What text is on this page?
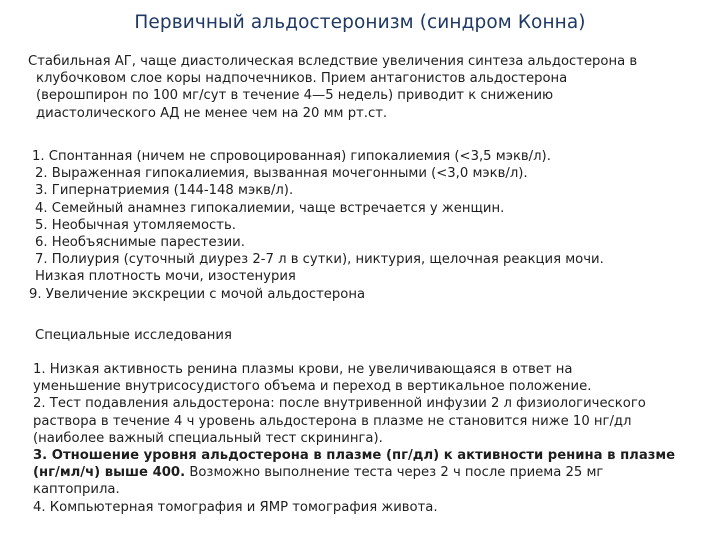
Первичный альдостеронизм (синдром Конна)
Стабильная АГ, чаще диастолическая вследствие увеличения синтеза альдостерона в
клубочковом слое коры надпочечников. Прием антагонистов альдостерона
(верошпирон по 100 мг/сут в течение 4—5 недель) приводит к снижению
диастолического АД не менее чем на 20 мм рт.ст.
1. Спонтанная (ничем не спровоцированная) гипокалиемия (<3,5 мэкв/л).
2. Выраженная гипокалиемия, вызванная мочегонными (<3,0 мэкв/л).
3. Гипернатриемия (144-148 мэкв/л).
4. Семейный анамнез гипокалиемии, чаще встречается у женщин.
5. Необычная утомляемость.
6. Необъяснимые парестезии.
7. Полиурия (суточный диурез 2-7 л в сутки), никтурия, щелочная реакция мочи.
Низкая плотность мочи, изостенурия
9. Увеличение экскреции с мочой альдостерона
Специальные исследования
1. Низкая активность ренина плазмы крови, не увеличивающаяся в ответ на
уменьшение внутрисосудистого объема и переход в вертикальное положение.
2. Тест подавления альдостерона: после внутривенной инфузии 2 л физиологического
раствора в течение 4 ч уровень альдостерона в плазме не становится ниже 10 нг/дл
(наиболее важный специальный тест скрининга).
3. Отношение уровня альдостерона в плазме (пг/дл) к активности ренина в плазме
(нг/мл/ч) выше 400. Возможно выполнение теста через 2 ч после приема 25 мг
каптоприла.
4. Компьютерная томография и ЯМР томография живота.
